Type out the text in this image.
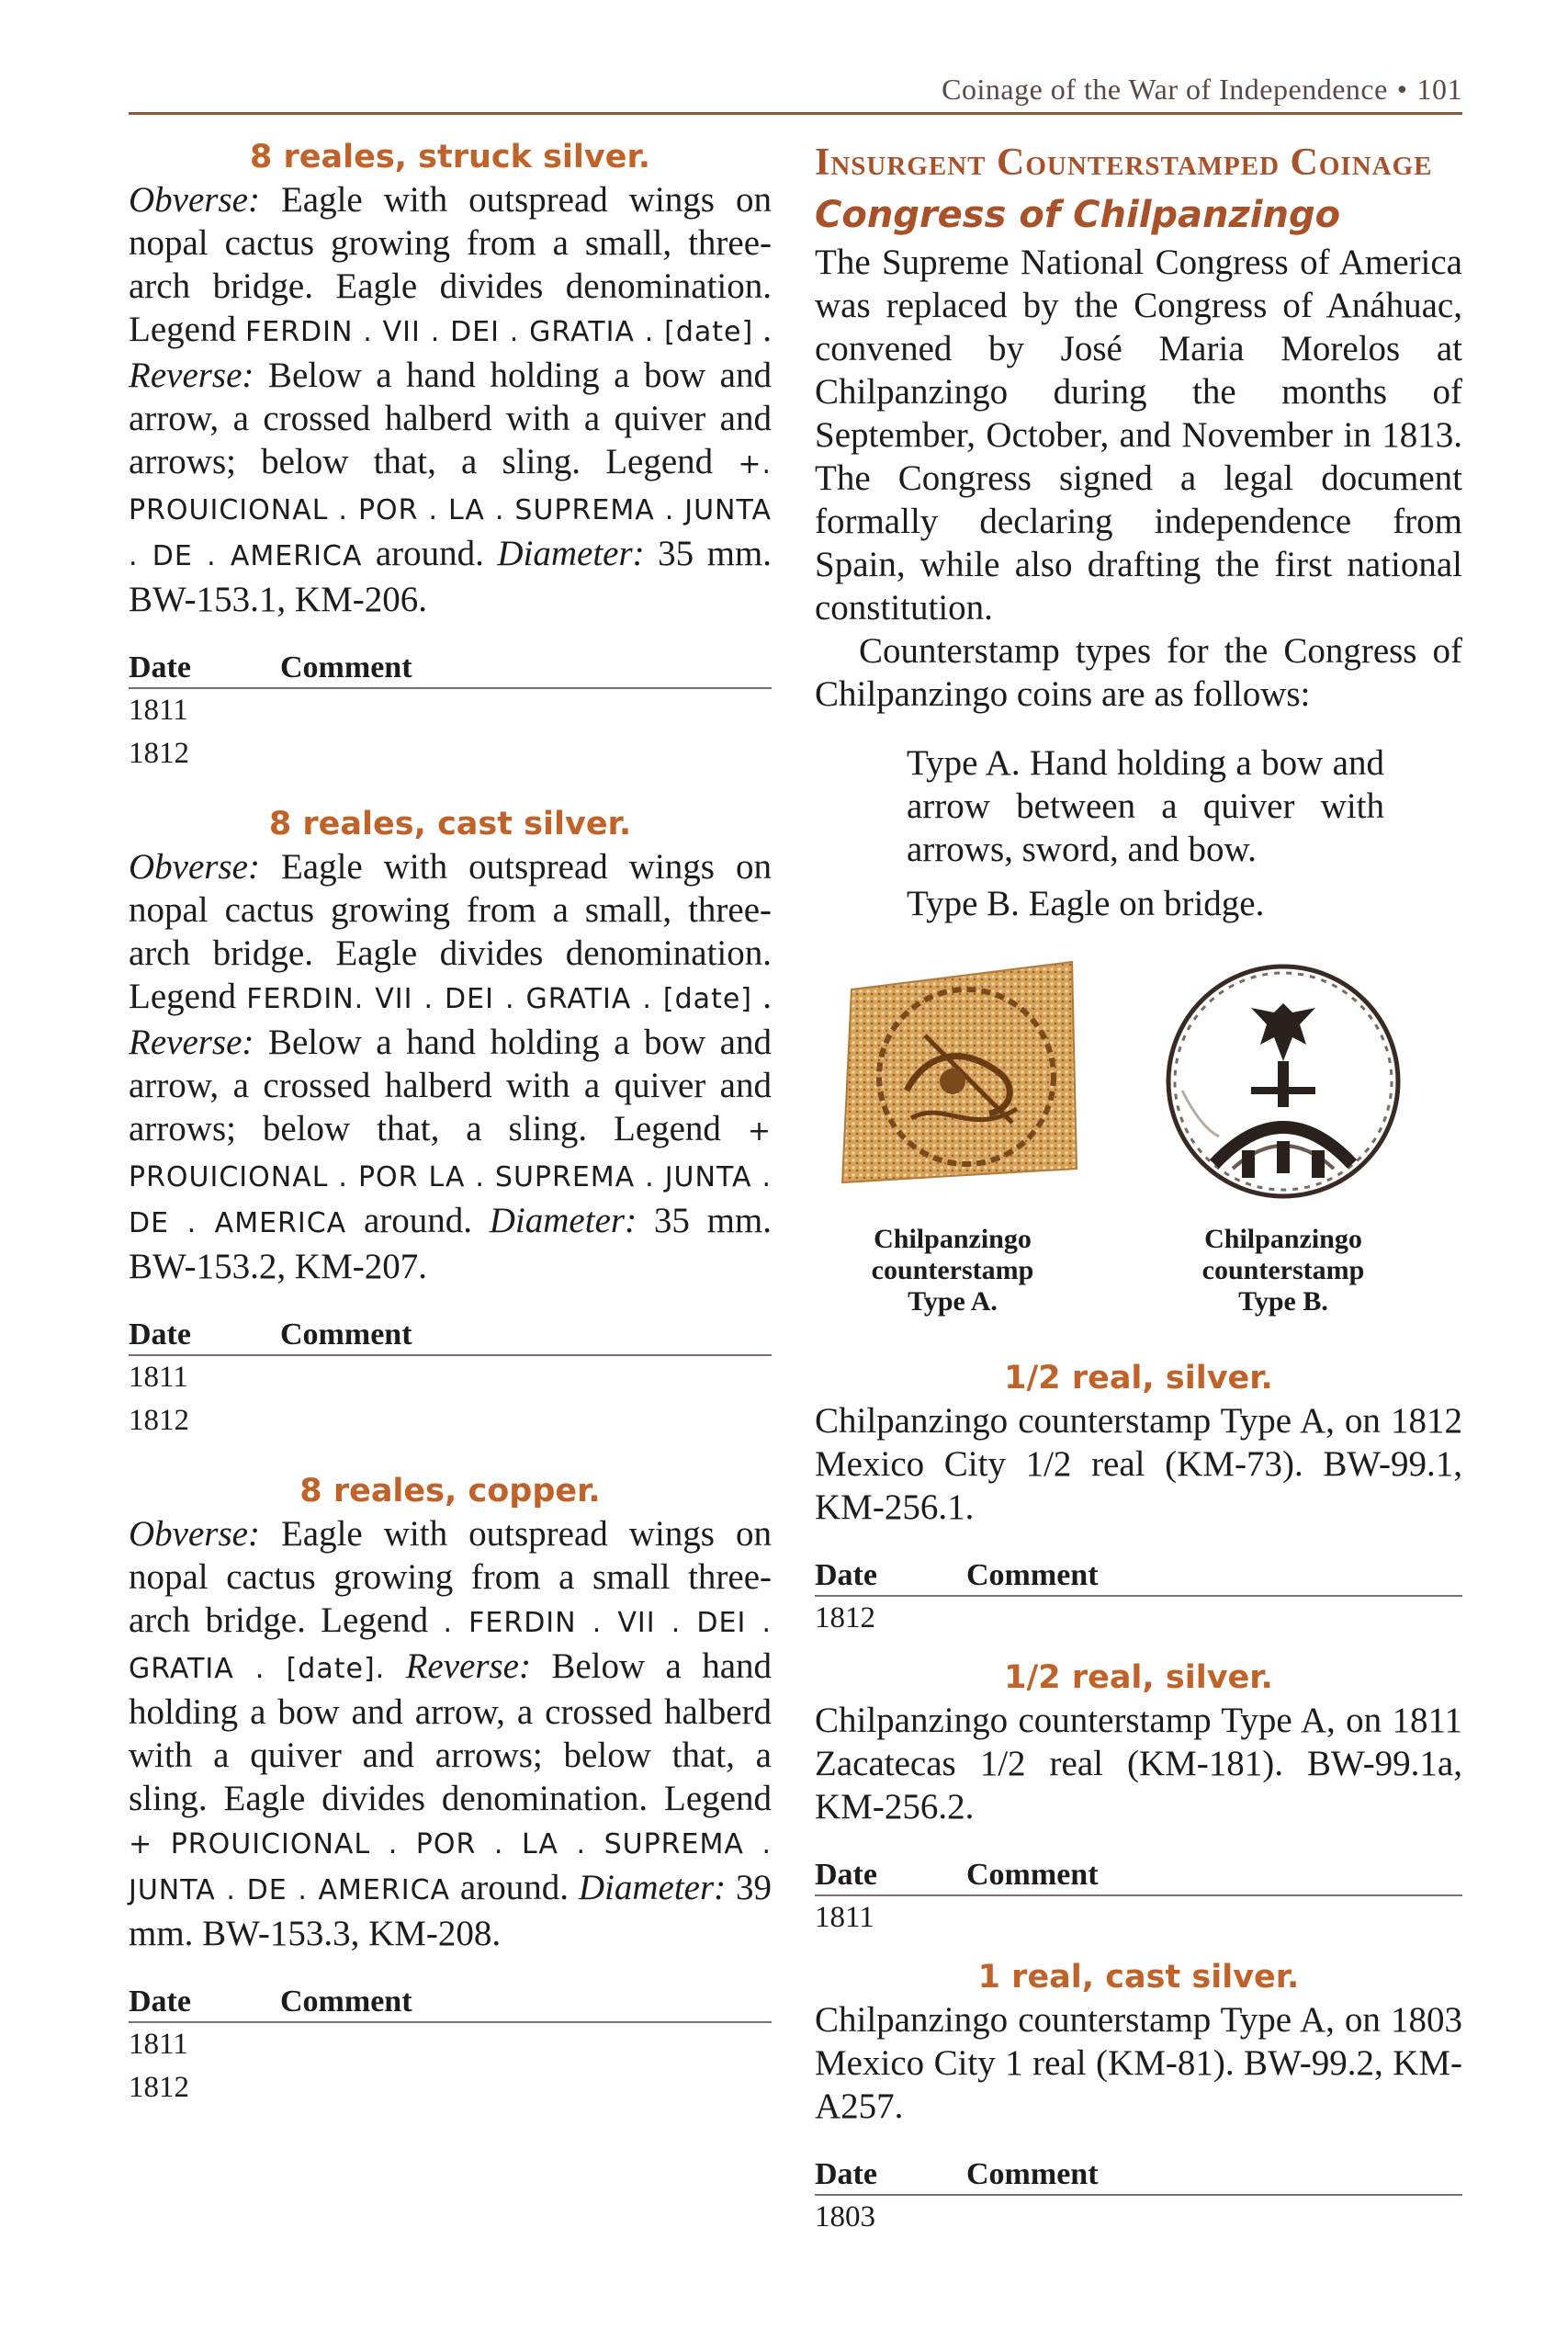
Coinage of the War of Independence • 101

8 reales, struck silver.

Obverse: Eagle with outspread wings on nopal cactus growing from a small, three-arch bridge. Eagle divides denomination. Legend FERDIN . VII . DEI . GRATIA . [date] . Reverse: Below a hand holding a bow and arrow, a crossed halberd with a quiver and arrows; below that, a sling. Legend +. PROUICIONAL . POR . LA . SUPREMA . JUNTA . DE . AMERICA around. Diameter: 35 mm. BW-153.1, KM-206.

Date	Comment
1811	
1812	

8 reales, cast silver.

Obverse: Eagle with outspread wings on nopal cactus growing from a small, three-arch bridge. Eagle divides denomination. Legend FERDIN. VII . DEI . GRATIA . [date] . Reverse: Below a hand holding a bow and arrow, a crossed halberd with a quiver and arrows; below that, a sling. Legend + PROUICIONAL . POR LA . SUPREMA . JUNTA . DE . AMERICA around. Diameter: 35 mm. BW-153.2, KM-207.

Date	Comment
1811	
1812	

8 reales, copper.

Obverse: Eagle with outspread wings on nopal cactus growing from a small three-arch bridge. Legend . FERDIN . VII . DEI . GRATIA . [date]. Reverse: Below a hand holding a bow and arrow, a crossed halberd with a quiver and arrows; below that, a sling. Eagle divides denomination. Legend + PROUICIONAL . POR . LA . SUPREMA . JUNTA . DE . AMERICA around. Diameter: 39 mm. BW-153.3, KM-208.

Date	Comment
1811	
1812	
Insurgent Counterstamped Coinage
Congress of Chilpanzingo

The Supreme National Congress of America was replaced by the Congress of Anáhuac, convened by José Maria Morelos at Chilpanzingo during the months of September, October, and November in 1813. The Congress signed a legal document formally declaring independence from Spain, while also drafting the first national constitution.

Counterstamp types for the Congress of Chilpanzingo coins are as follows:

Type A. Hand holding a bow and arrow between a quiver with arrows, sword, and bow.

Type B. Eagle on bridge.

Chilpanzingo
counterstamp
Type A.
Chilpanzingo
counterstamp
Type B.

1/2 real, silver.

Chilpanzingo counterstamp Type A, on 1812 Mexico City 1/2 real (KM-73). BW-99.1, KM-256.1.

Date	Comment
1812	

1/2 real, silver.

Chilpanzingo counterstamp Type A, on 1811 Zacatecas 1/2 real (KM-181). BW-99.1a, KM-256.2.

Date	Comment
1811	

1 real, cast silver.

Chilpanzingo counterstamp Type A, on 1803 Mexico City 1 real (KM-81). BW-99.2, KM-A257.

Date	Comment
1803	
